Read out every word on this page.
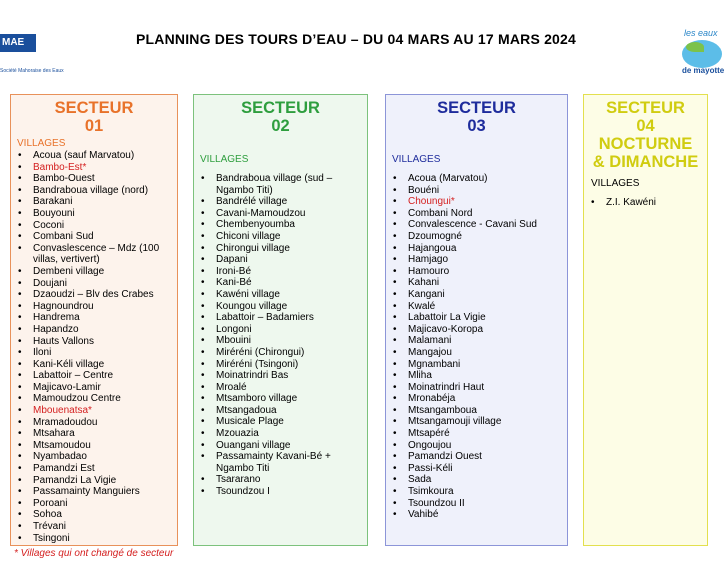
MAE
Société Mahoraise des Eaux
PLANNING DES TOURS D’EAU – DU 04 MARS AU 17 MARS 2024	les eaux
de mayotte
SECTEUR
01
VILLAGES
• Acoua (sauf Marvatou)
• Bambo-Est*
• Bambo-Ouest
• Bandraboua village (nord)
• Barakani
• Bouyouni
• Coconi
• Combani Sud
• Convaslescence – Mdz (100 villas, vertivert)
• Dembeni village
• Doujani
• Dzaoudzi – Blv des Crabes
• Hagnoundrou
• Handrema
• Hapandzo
• Hauts Vallons
• Iloni
• Kani-Kéli village
• Labattoir – Centre
• Majicavo-Lamir
• Mamoudzou Centre
• Mbouenatsa*
• Mramadoudou
• Mtsahara
• Mtsamoudou
• Nyambadao
• Pamandzi Est
• Pamandzi La Vigie
• Passamainty Manguiers
• Poroani
• Sohoa
• Trévani
• Tsingoni
SECTEUR
02
VILLAGES
• Bandraboua village (sud – Ngambo Titi)
• Bandrélé village
• Cavani-Mamoudzou
• Chembenyoumba
• Chiconi village
• Chirongui village
• Dapani
• Ironi-Bé
• Kani-Bé
• Kawéni village
• Koungou village
• Labattoir – Badamiers
• Longoni
• Mbouini
• Miréréni (Chirongui)
• Miréréni (Tsingoni)
• Moinatrindri Bas
• Mroalé
• Mtsamboro village
• Mtsangadoua
• Musicale Plage
• Mzouazia
• Ouangani village
• Passamainty Kavani-Bé + Ngambo Titi
• Tsararano
• Tsoundzou I
SECTEUR
03
VILLAGES
• Acoua (Marvatou)
• Bouéni
• Choungui*
• Combani Nord
• Convalescence - Cavani Sud
• Dzoumogné
• Hajangoua
• Hamjago
• Hamouro
• Kahani
• Kangani
• Kwalé
• Labattoir La Vigie
• Majicavo-Koropa
• Malamani
• Mangajou
• Mgnambani
• Mliha
• Moinatrindri Haut
• Mronabéja
• Mtsangamboua
• Mtsangamouji village
• Mtsapéré
• Ongoujou
• Pamandzi Ouest
• Passi-Kéli
• Sada
• Tsimkoura
• Tsoundzou II
• Vahibé
SECTEUR
04
NOCTURNE
& DIMANCHE
VILLAGES
• Z.I. Kawéni
* Villages qui ont changé de secteur
